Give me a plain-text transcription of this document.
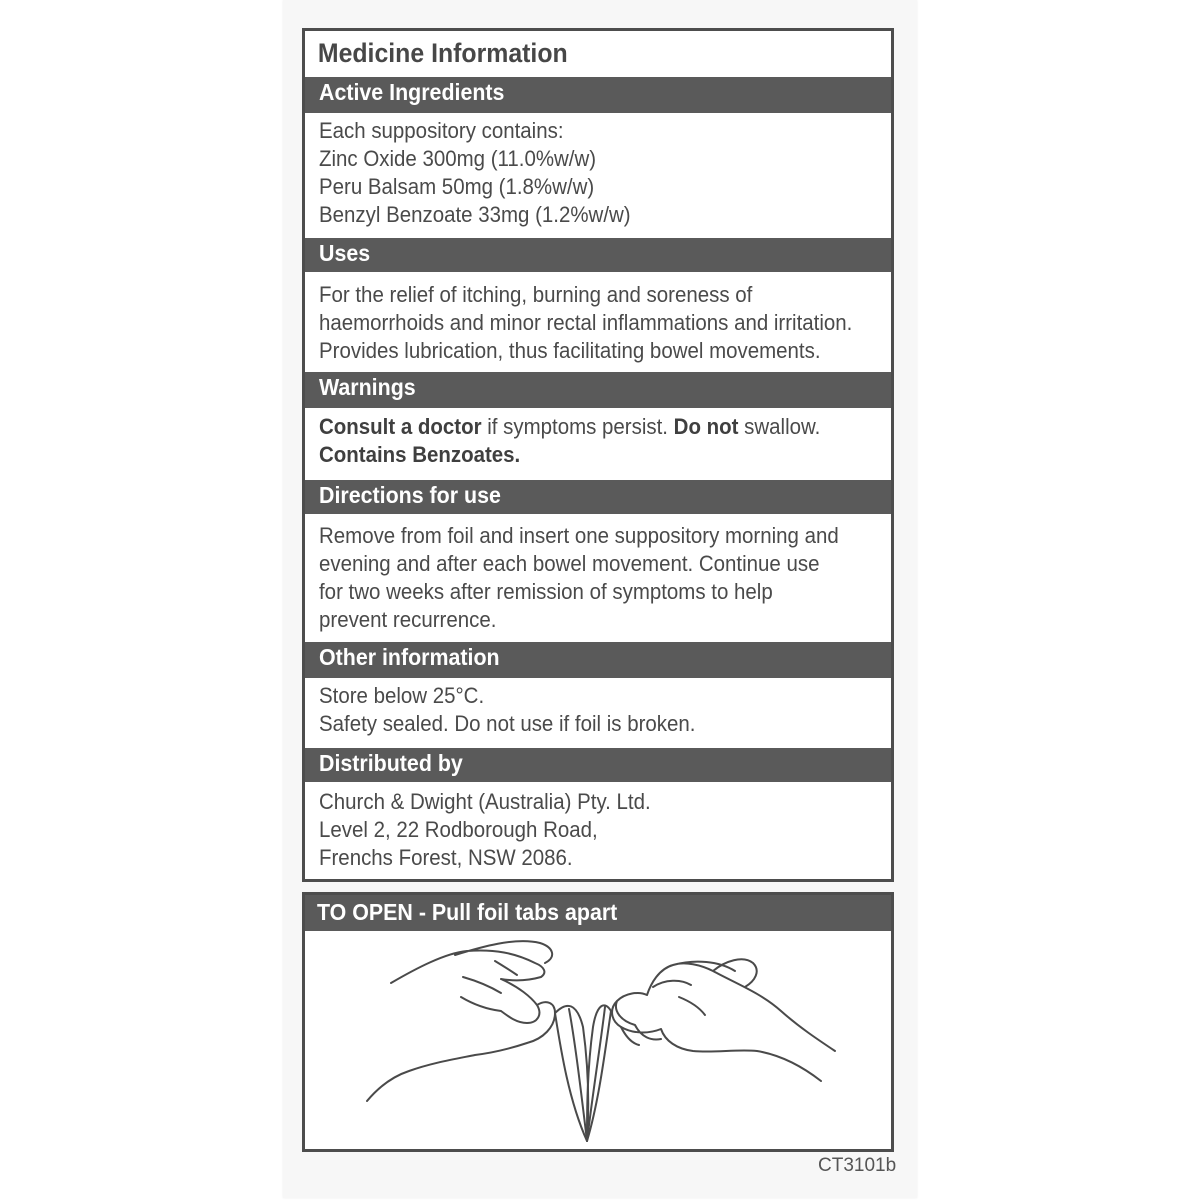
Medicine Information
Active Ingredients
Each suppository contains:
Zinc Oxide 300mg (11.0%w/w)
Peru Balsam 50mg (1.8%w/w)
Benzyl Benzoate 33mg (1.2%w/w)
Uses
For the relief of itching, burning and soreness of
haemorrhoids and minor rectal inflammations and irritation.
Provides lubrication, thus facilitating bowel movements.
Warnings
Consult a doctor if symptoms persist. Do not swallow.
Contains Benzoates.
Directions for use
Remove from foil and insert one suppository morning and
evening and after each bowel movement. Continue use
for two weeks after remission of symptoms to help
prevent recurrence.
Other information
Store below 25°C.
Safety sealed. Do not use if foil is broken.
Distributed by
Church & Dwight (Australia) Pty. Ltd.
Level 2, 22 Rodborough Road,
Frenchs Forest, NSW 2086.
TO OPEN - Pull foil tabs apart
CT3101b
